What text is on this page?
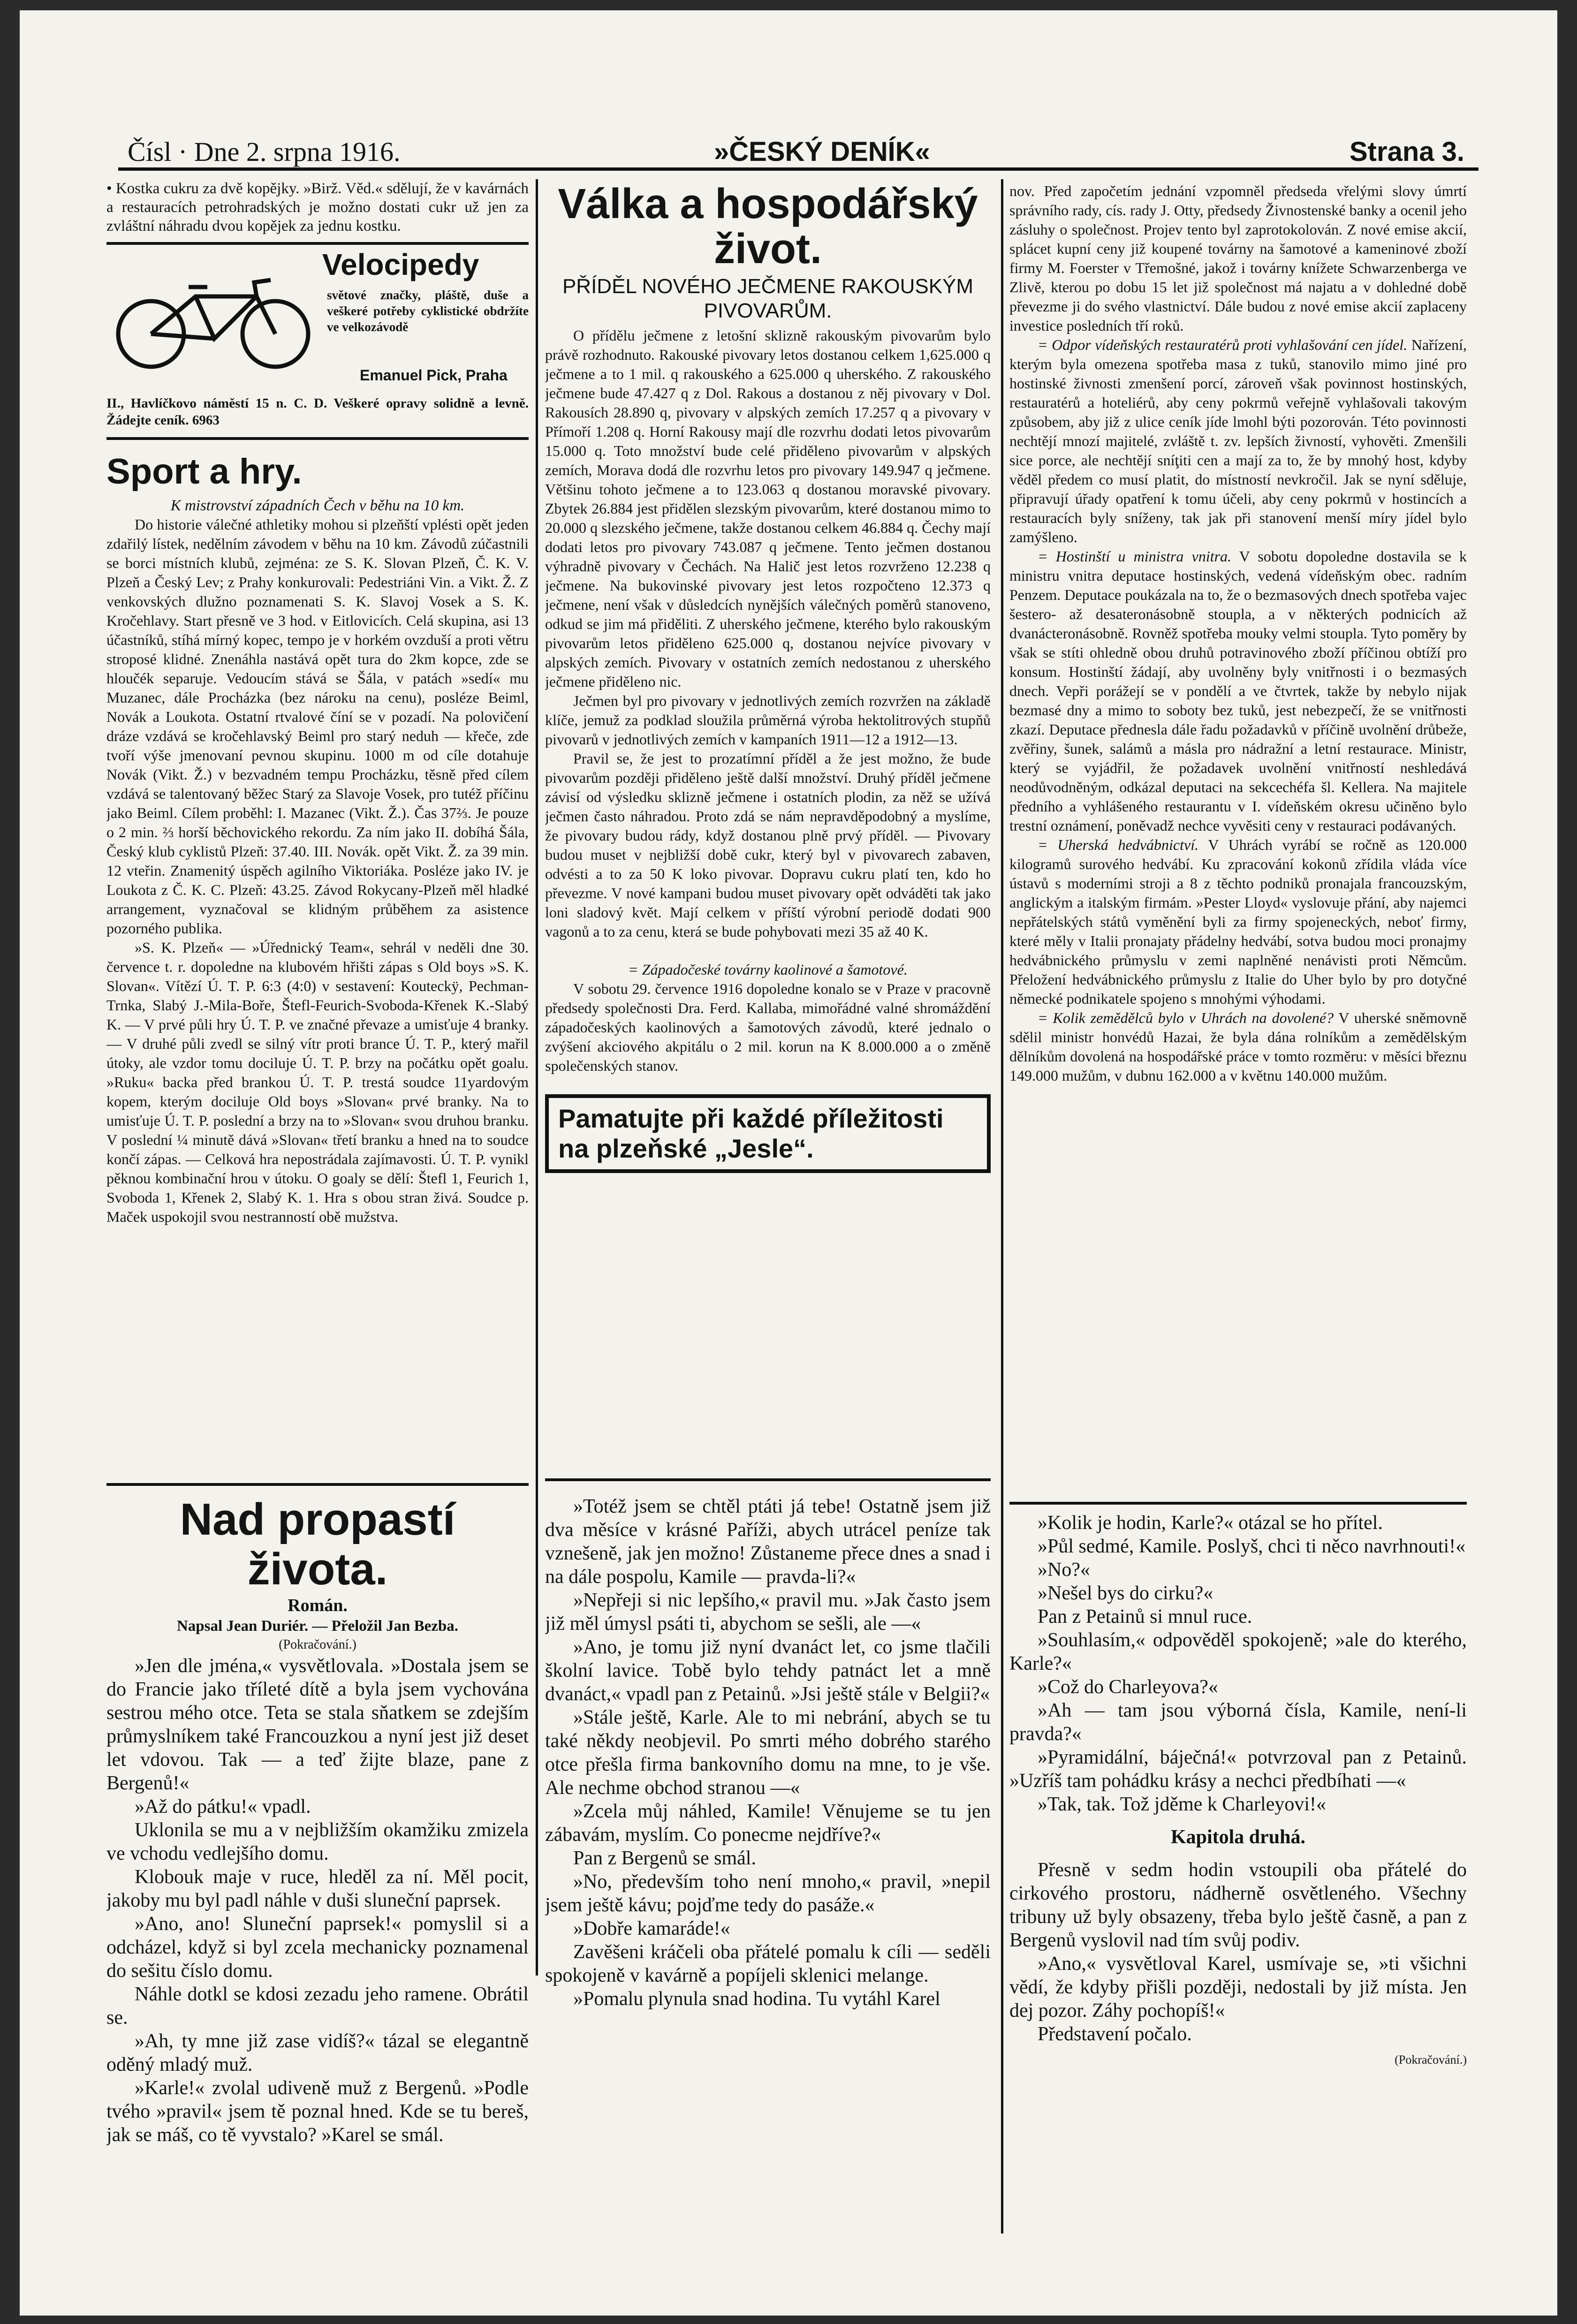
Čísl · Dne 2. srpna 1916.	»ČESKÝ DENÍK«	Strana 3.

• Kostka cukru za dvě kopějky. »Birž. Věd.« sdělují, že v kavárnách a restauracích petrohradských je možno dostati cukr už jen za zvláštní náhradu dvou kopějek za jednu kostku.

Velocipedy

světové značky, pláště, duše a veškeré potřeby cyklistické obdržíte ve velkozávodě

Emanuel Pick, Praha

II., Havlíčkovo náměstí 15 n. C. D. Veškeré opravy solidně a levně. Žádejte ceník. 6963

Sport a hry.

K mistrovství západních Čech v běhu na 10 km.

Do historie válečné athletiky mohou si plzeňští vplésti opět jeden zdařilý lístek, nedělním závodem v běhu na 10 km. Závodů zúčastnili se borci místních klubů, zejména: ze S. K. Slovan Plzeň, Č. K. V. Plzeň a Český Lev; z Prahy konkurovali: Pedestriáni Vin. a Vikt. Ž. Z venkovských dlužno poznamenati S. K. Slavoj Vosek a S. K. Kročehlavy. Start přesně ve 3 hod. v Eitlovicích. Celá skupina, asi 13 účastníků, stíhá mírný kopec, tempo je v horkém ovzduší a proti větru stroposé klidné. Znenáhla nastává opět tura do 2km kopce, zde se hloučék separuje. Vedoucím stává se Šála, v patách »sedí« mu Muzanec, dále Procházka (bez nároku na cenu), posléze Beiml, Novák a Loukota. Ostatní rtvalové číní se v pozadí. Na polovičení dráze vzdává se kročehlavský Beiml pro starý neduh — křeče, zde tvoří výše jmenovaní pevnou skupinu. 1000 m od cíle dotahuje Novák (Vikt. Ž.) v bezvadném tempu Procházku, těsně před cílem vzdává se talentovaný běžec Starý za Slavoje Vosek, pro tutéž příčinu jako Beiml. Cílem proběhl: I. Mazanec (Vikt. Ž.). Čas 37⅔. Je pouze o 2 min. ⅔ horší běchovického rekordu. Za ním jako II. dobíhá Šála, Český klub cyklistů Plzeň: 37.40. III. Novák. opět Vikt. Ž. za 39 min. 12 vteřin. Znamenitý úspěch agilního Viktoriáka. Posléze jako IV. je Loukota z Č. K. C. Plzeň: 43.25. Závod Rokycany-Plzeň měl hladké arrangement, vyznačoval se klidným průběhem za asistence pozorného publika.

»S. K. Plzeň« — »Úřednický Team«, sehrál v neděli dne 30. července t. r. dopoledne na klubovém hřišti zápas s Old boys »S. K. Slovan«. Vítězí Ú. T. P. 6:3 (4:0) v sestavení: Kouteckÿ, Pechman-Trnka, Slabý J.-Mila-Boře, Štefl-Feurich-Svoboda-Křenek K.-Slabý K. — V prvé půli hry Ú. T. P. ve značné převaze a umisťuje 4 branky. — V druhé půli zvedl se silný vítr proti brance Ú. T. P., který mařil útoky, ale vzdor tomu dociluje Ú. T. P. brzy na počátku opět goalu. »Ruku« backa před brankou Ú. T. P. trestá soudce 11yardovým kopem, kterým dociluje Old boys »Slovan« prvé branky. Na to umisťuje Ú. T. P. poslední a brzy na to »Slovan« svou druhou branku. V poslední ¼ minutě dává »Slovan« třetí branku a hned na to soudce končí zápas. — Celková hra nepostrádala zajímavosti. Ú. T. P. vynikl pěknou kombinační hrou v útoku. O goaly se dělí: Štefl 1, Feurich 1, Svoboda 1, Křenek 2, Slabý K. 1. Hra s obou stran živá. Soudce p. Maček uspokojil svou nestranností obě mužstva.

Válka a hospodářský život.
PŘÍDĚL NOVÉHO JEČMENE RAKOUSKÝM PIVOVARŮM.

O přídělu ječmene z letošní sklizně rakouským pivovarům bylo právě rozhodnuto. Rakouské pivovary letos dostanou celkem 1,625.000 q ječmene a to 1 mil. q rakouského a 625.000 q uherského. Z rakouského ječmene bude 47.427 q z Dol. Rakous a dostanou z něj pivovary v Dol. Rakousích 28.890 q, pivovary v alpských zemích 17.257 q a pivovary v Přímoří 1.208 q. Horní Rakousy mají dle rozvrhu dodati letos pivovarům 15.000 q. Toto množství bude celé přiděleno pivovarům v alpských zemích, Morava dodá dle rozvrhu letos pro pivovary 149.947 q ječmene. Většinu tohoto ječmene a to 123.063 q dostanou moravské pivovary. Zbytek 26.884 jest přidělen slezským pivovarům, které dostanou mimo to 20.000 q slezského ječmene, takže dostanou celkem 46.884 q. Čechy mají dodati letos pro pivovary 743.087 q ječmene. Tento ječmen dostanou výhradně pivovary v Čechách. Na Halič jest letos rozvrženo 12.238 q ječmene. Na bukovinské pivovary jest letos rozpočteno 12.373 q ječmene, není však v důsledcích nynějších válečných poměrů stanoveno, odkud se jim má přiděliti. Z uherského ječmene, kterého bylo rakouským pivovarům letos přiděleno 625.000 q, dostanou nejvíce pivovary v alpských zemích. Pivovary v ostatních zemích nedostanou z uherského ječmene přiděleno nic.

Ječmen byl pro pivovary v jednotlivých zemích rozvržen na základě klíče, jemuž za podklad sloužila průměrná výroba hektolitrových stupňů pivovarů v jednotlivých zemích v kampaních 1911—12 a 1912—13.

Pravil se, že jest to prozatímní příděl a že jest možno, že bude pivovarům později přiděleno ještě další množství. Druhý příděl ječmene závisí od výsledku sklizně ječmene i ostatních plodin, za něž se užívá ječmen často náhradou. Proto zdá se nám nepravděpodobný a myslíme, že pivovary budou rády, když dostanou plně prvý příděl. — Pivovary budou muset v nejbližší době cukr, který byl v pivovarech zabaven, odvésti a to za 50 K loko pivovar. Dopravu cukru platí ten, kdo ho převezme. V nové kampani budou muset pivovary opět odváděti tak jako loni sladový květ. Mají celkem v příští výrobní periodě dodati 900 vagonů a to za cenu, která se bude pohybovati mezi 35 až 40 K.

= Západočeské továrny kaolinové a šamotové.

V sobotu 29. července 1916 dopoledne konalo se v Praze v pracovně předsedy společnosti Dra. Ferd. Kallaba, mimořádné valné shromáždění západočeských kaolinových a šamotových závodů, které jednalo o zvýšení akciového akpitálu o 2 mil. korun na K 8.000.000 a o změně společenských stanov.

Pamatujte při každé příležitosti na plzeňské „Jesle“.

nov. Před započetím jednání vzpomněl předseda vřelými slovy úmrtí správního rady, cís. rady J. Otty, předsedy Živnostenské banky a ocenil jeho zásluhy o společnost. Projev tento byl zaprotokolován. Z nové emise akcií, splácet kupní ceny již koupené továrny na šamotové a kameninové zboží firmy M. Foerster v Třemošné, jakož i továrny knížete Schwarzenberga ve Zlivě, kterou po dobu 15 let již společnost má najatu a v dohledné době převezme ji do svého vlastnictví. Dále budou z nové emise akcií zaplaceny investice posledních tří roků.

= Odpor vídeňských restauratérů proti vyhlašování cen jídel. Nařízení, kterým byla omezena spotřeba masa z tuků, stanovilo mimo jiné pro hostinské živnosti zmenšení porcí, zároveň však povinnost hostinských, restauratérů a hoteliérů, aby ceny pokrmů veřejně vyhlašovali takovým způsobem, aby již z ulice ceník jíde lmohl býti pozorován. Této povinnosti nechtějí mnozí majitelé, zvláště t. zv. lepších živností, vyhověti. Zmenšili sice porce, ale nechtějí sníţiti cen a mají za to, že by mnohý host, kdyby věděl předem co musí platit, do místností nevkročil. Jak se nyní sděluje, připravují úřady opatření k tomu účeli, aby ceny pokrmů v hostincích a restauracích byly sníženy, tak jak při stanovení menší míry jídel bylo zamýšleno.

= Hostinští u ministra vnitra. V sobotu dopoledne dostavila se k ministru vnitra deputace hostinských, vedená vídeňským obec. radním Penzem. Deputace poukázala na to, že o bezmasových dnech spotřeba vajec šestero- až desateronásobně stoupla, a v některých podnicích až dvanácteronásobně. Rovněž spotřeba mouky velmi stoupla. Tyto poměry by však se stíti ohledně obou druhů potravinového zboží příčinou obtíží pro konsum. Hostinští žádají, aby uvolněny byly vnitřnosti i o bezmasých dnech. Vepři porážejí se v pondělí a ve čtvrtek, takže by nebylo nijak bezmasé dny a mimo to soboty bez tuků, jest nebezpečí, že se vnitřnosti zkazí. Deputace přednesla dále řadu požadavků v příčině uvolnění drůbeže, zvěřiny, šunek, salámů a másla pro nádražní a letní restaurace. Ministr, který se vyjádřil, že požadavek uvolnění vnitřností neshledává neodůvodněným, odkázal deputaci na sekcechéfa šl. Kellera. Na majitele předního a vyhlášeného restaurantu v I. vídeňském okresu učiněno bylo trestní oznámení, poněvadž nechce vyvěsiti ceny v restauraci podávaných.

= Uherská hedvábnictví. V Uhrách vyrábí se ročně as 120.000 kilogramů surového hedvábí. Ku zpracování kokonů zřídila vláda více ústavů s moderními stroji a 8 z těchto podniků pronajala francouzským, anglickým a italským firmám. »Pester Lloyd« vyslovuje přání, aby najemci nepřátelských států vyměnění byli za firmy spojeneckých, neboť firmy, které měly v Italii pronajaty přádelny hedvábí, sotva budou moci pronajmy hedvábnického průmyslu v zemi naplněné nenávisti proti Němcům. Přeložení hedvábnického průmyslu z Italie do Uher bylo by pro dotyčné německé podnikatele spojeno s mnohými výhodami.

= Kolik zemědělců bylo v Uhrách na dovolené? V uherské sněmovně sdělil ministr honvédů Hazai, že byla dána rolníkům a zemědělským dělníkům dovolená na hospodářské práce v tomto rozměru: v měsíci březnu 149.000 mužům, v dubnu 162.000 a v květnu 140.000 mužům.

Nad propastí života.

Román.

Napsal Jean Duriér. — Přeložil Jan Bezba.

(Pokračování.)

»Jen dle jména,« vysvětlovala. »Dostala jsem se do Francie jako tříleté dítě a byla jsem vychována sestrou mého otce. Teta se stala sňatkem se zdejším průmyslníkem také Francouzkou a nyní jest již deset let vdovou. Tak — a teď žijte blaze, pane z Bergenů!«

»Až do pátku!« vpadl.

Uklonila se mu a v nejbližším okamžiku zmizela ve vchodu vedlejšího domu.

Klobouk maje v ruce, hleděl za ní. Měl pocit, jakoby mu byl padl náhle v duši sluneční paprsek.

»Ano, ano! Sluneční paprsek!« pomyslil si a odcházel, když si byl zcela mechanicky poznamenal do sešitu číslo domu.

Náhle dotkl se kdosi zezadu jeho ramene. Obrátil se.

»Ah, ty mne již zase vidíš?« tázal se elegantně oděný mladý muž.

»Karle!« zvolal udiveně muž z Bergenů. »Podle tvého »pravil« jsem tě poznal hned. Kde se tu bereš, jak se máš, co tě vyvstalo? »Karel se smál.

»Totéž jsem se chtěl ptáti já tebe! Ostatně jsem již dva měsíce v krásné Paříži, abych utrácel peníze tak vznešeně, jak jen možno! Zůstaneme přece dnes a snad i na dále pospolu, Kamile — pravda-li?«

»Nepřeji si nic lepšího,« pravil mu. »Jak často jsem již měl úmysl psáti ti, abychom se sešli, ale —«

»Ano, je tomu již nyní dvanáct let, co jsme tlačili školní lavice. Tobě bylo tehdy patnáct let a mně dvanáct,« vpadl pan z Petainů. »Jsi ještě stále v Belgii?«

»Stále ještě, Karle. Ale to mi nebrání, abych se tu také někdy neobjevil. Po smrti mého dobrého starého otce přešla firma bankovního domu na mne, to je vše. Ale nechme obchod stranou —«

»Zcela můj náhled, Kamile! Věnujeme se tu jen zábavám, myslím. Co ponecme nejdříve?«

Pan z Bergenů se smál.

»No, především toho není mnoho,« pravil, »nepil jsem ještě kávu; pojďme tedy do pasáže.«

»Dobře kamaráde!«

Zavěšeni kráčeli oba přátelé pomalu k cíli — seděli spokojeně v kavárně a popíjeli sklenici melange.

»Pomalu plynula snad hodina. Tu vytáhl Karel

»Kolik je hodin, Karle?« otázal se ho přítel.

»Půl sedmé, Kamile. Poslyš, chci ti něco navrhnouti!«

»No?«

»Nešel bys do cirku?«

Pan z Petainů si mnul ruce.

»Souhlasím,« odpověděl spokojeně; »ale do kterého, Karle?«

»Což do Charleyova?«

»Ah — tam jsou výborná čísla, Kamile, není-li pravda?«

»Pyramidální, báječná!« potvrzoval pan z Petainů. »Uzříš tam pohádku krásy a nechci předbíhati —«

»Tak, tak. Tož jděme k Charleyovi!«

Kapitola druhá.

Přesně v sedm hodin vstoupili oba přátelé do cirkového prostoru, nádherně osvětleného. Všechny tribuny už byly obsazeny, třeba bylo ještě časně, a pan z Bergenů vyslovil nad tím svůj podiv.

»Ano,« vysvětloval Karel, usmívaje se, »ti všichni vědí, že kdyby přišli později, nedostali by již místa. Jen dej pozor. Záhy pochopíš!«

Představení počalo.

(Pokračování.)
